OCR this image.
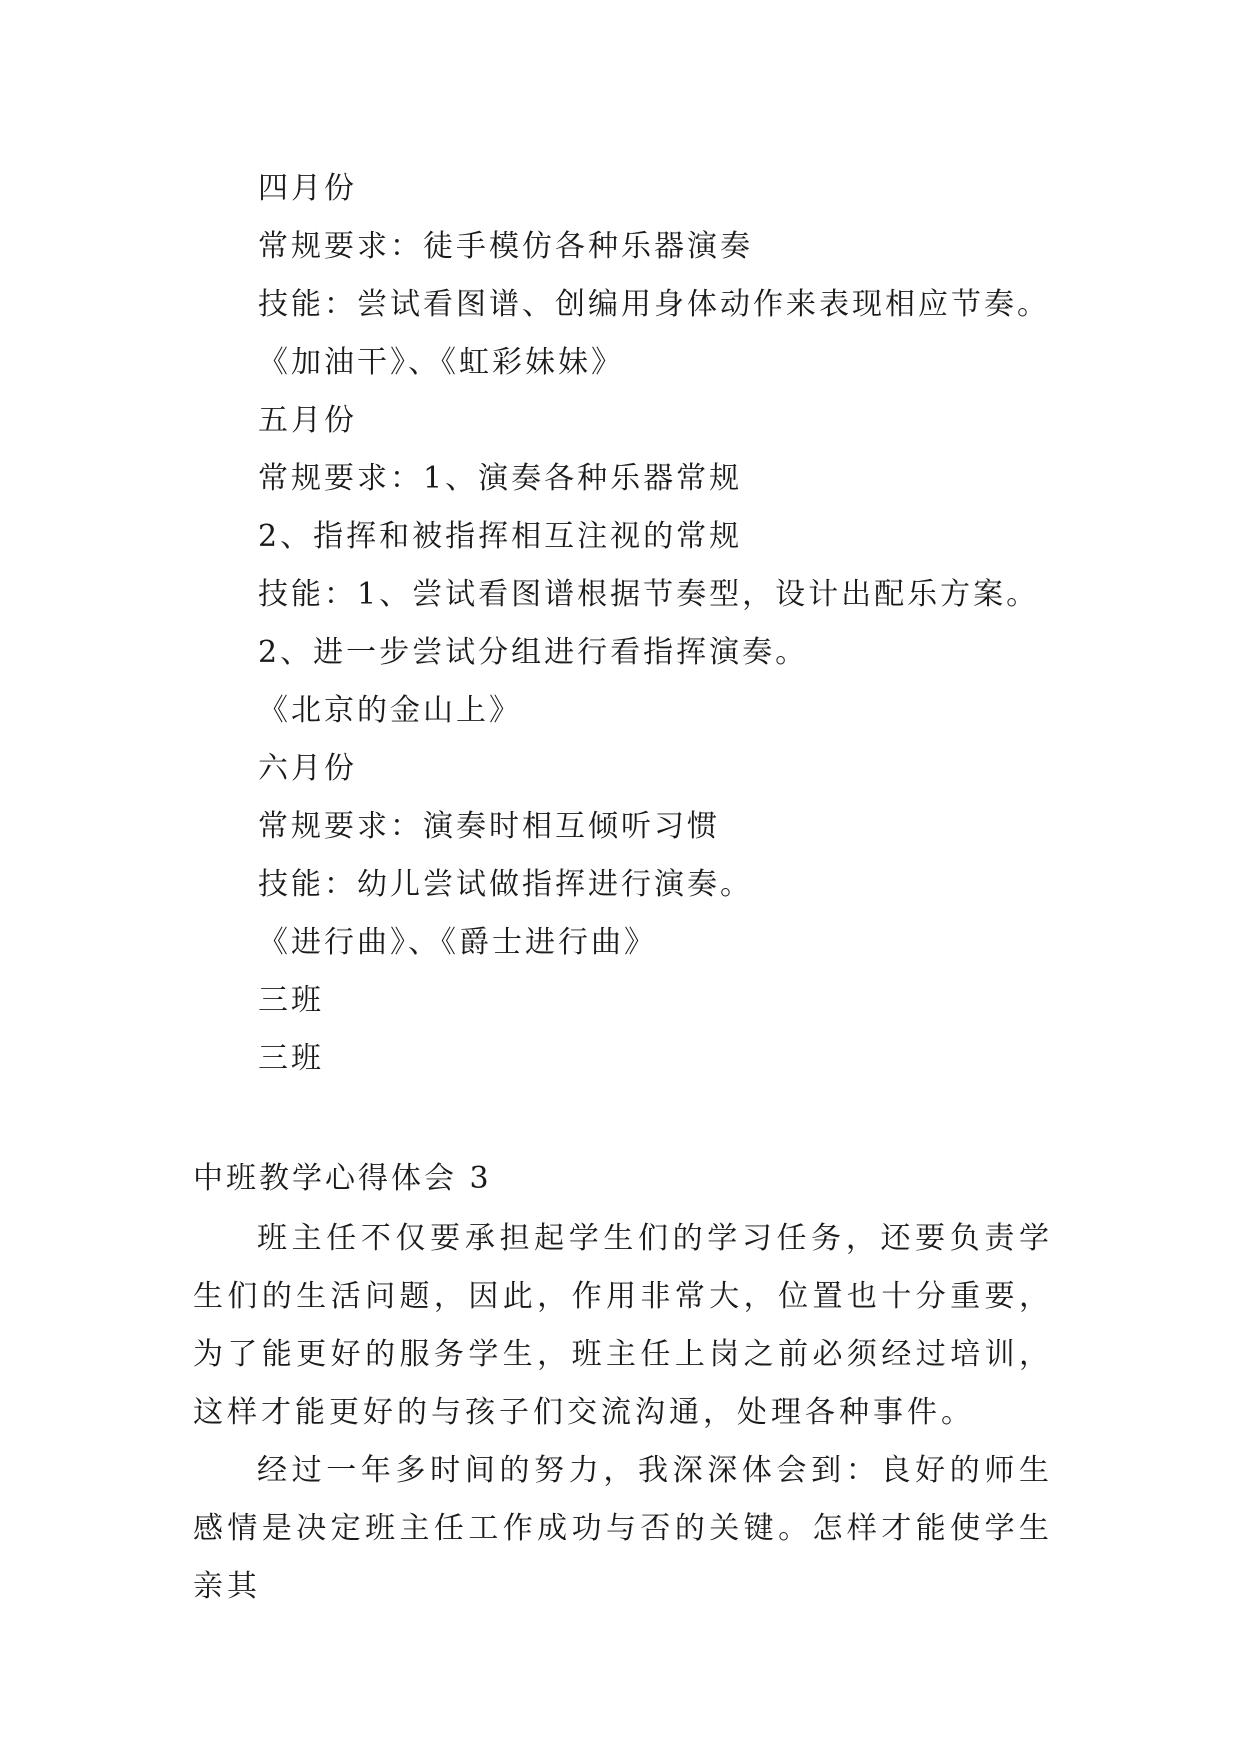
四月份
常规要求：徒手模仿各种乐器演奏
技能：尝试看图谱、创编用身体动作来表现相应节奏。
《加油干》、《虹彩妹妹》
五月份
常规要求：1、演奏各种乐器常规
2、指挥和被指挥相互注视的常规
技能：1、尝试看图谱根据节奏型，设计出配乐方案。
2、进一步尝试分组进行看指挥演奏。
《北京的金山上》
六月份
常规要求：演奏时相互倾听习惯
技能：幼儿尝试做指挥进行演奏。
《进行曲》、《爵士进行曲》
三班
三班
中班教学心得体会 3

班主任不仅要承担起学生们的学习任务，还要负责学生们的生活问题，因此，作用非常大，位置也十分重要，为了能更好的服务学生，班主任上岗之前必须经过培训，这样才能更好的与孩子们交流沟通，处理各种事件。

经过一年多时间的努力，我深深体会到：良好的师生感情是决定班主任工作成功与否的关键。怎样才能使学生亲其
